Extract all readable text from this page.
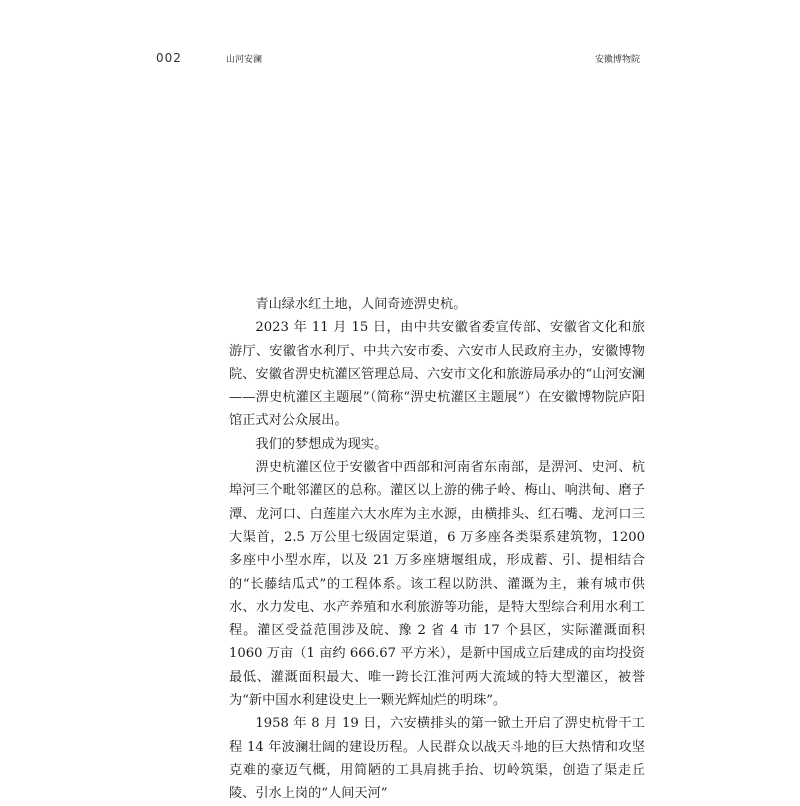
002	山河安澜	安徽博物院

青山绿水红土地，人间奇迹淠史杭。

2023 年 11 月 15 日，由中共安徽省委宣传部、安徽省文化和旅游厅、安徽省水利厅、中共六安市委、六安市人民政府主办，安徽博物院、安徽省淠史杭灌区管理总局、六安市文化和旅游局承办的“山河安澜——淠史杭灌区主题展”（简称“淠史杭灌区主题展”）在安徽博物院庐阳馆正式对公众展出。

我们的梦想成为现实。

淠史杭灌区位于安徽省中西部和河南省东南部，是淠河、史河、杭埠河三个毗邻灌区的总称。灌区以上游的佛子岭、梅山、响洪甸、磨子潭、龙河口、白莲崖六大水库为主水源，由横排头、红石嘴、龙河口三大渠首，2.5 万公里七级固定渠道，6 万多座各类渠系建筑物，1200 多座中小型水库，以及 21 万多座塘堰组成，形成蓄、引、提相结合的“长藤结瓜式”的工程体系。该工程以防洪、灌溉为主，兼有城市供水、水力发电、水产养殖和水利旅游等功能，是特大型综合利用水利工程。灌区受益范围涉及皖、豫 2 省 4 市 17 个县区，实际灌溉面积 1060 万亩（1 亩约 666.67 平方米），是新中国成立后建成的亩均投资最低、灌溉面积最大、唯一跨长江淮河两大流域的特大型灌区，被誉为“新中国水利建设史上一颗光辉灿烂的明珠”。

1958 年 8 月 19 日，六安横排头的第一锨土开启了淠史杭骨干工程 14 年波澜壮阔的建设历程。人民群众以战天斗地的巨大热情和攻坚克难的豪迈气概，用简陋的工具肩挑手抬、切岭筑渠，创造了渠走丘陵、引水上岗的“人间天河”
